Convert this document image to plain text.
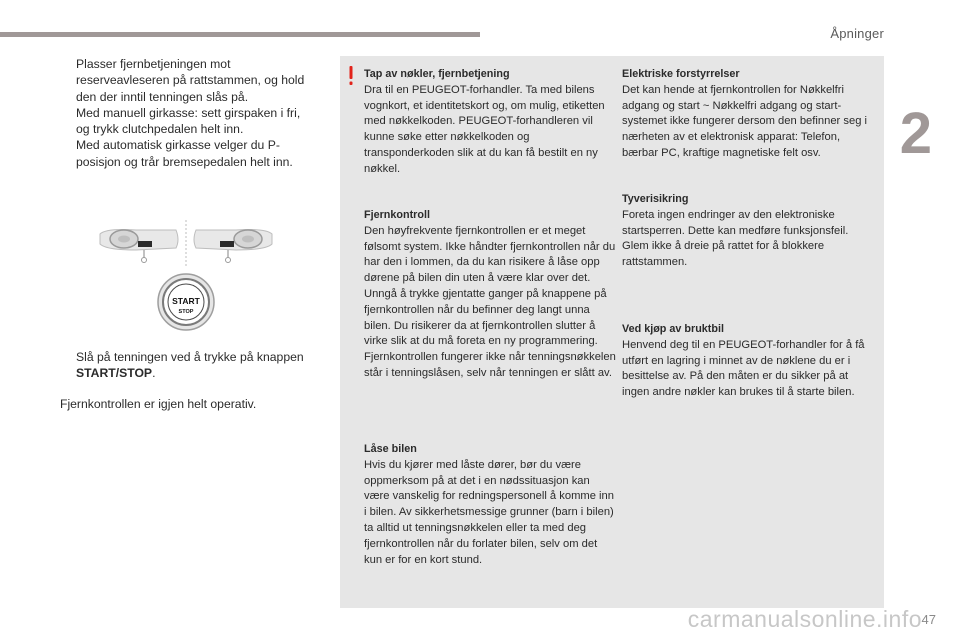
Åpninger
2
Plasser fjernbetjeningen mot reserveavleseren på rattstammen, og hold den der inntil tenningen slås på.
Med manuell girkasse: sett girspaken i fri, og trykk clutchpedalen helt inn.
Med automatisk girkasse velger du P-posisjon og trår bremsepedalen helt inn.
START
STOP
Slå på tenningen ved å trykke på knappen START/STOP.
Fjernkontrollen er igjen helt operativ.
Tap av nøkler, fjernbetjening

Dra til en PEUGEOT-forhandler. Ta med bilens vognkort, et identitetskort og, om mulig, etiketten med nøkkelkoden. PEUGEOT-forhandleren vil kunne søke etter nøkkelkoden og transponderkoden slik at du kan få bestilt en ny nøkkel.

Fjernkontroll

Den høyfrekvente fjernkontrollen er et meget følsomt system. Ikke håndter fjernkontrollen når du har den i lommen, da du kan risikere å låse opp dørene på bilen din uten å være klar over det. Unngå å trykke gjentatte ganger på knappene på fjernkontrollen når du befinner deg langt unna bilen. Du risikerer da at fjernkontrollen slutter å virke slik at du må foreta en ny programmering. Fjernkontrollen fungerer ikke når tenningsnøkkelen står i tenningslåsen, selv når tenningen er slått av.

Låse bilen

Hvis du kjører med låste dører, bør du være oppmerksom på at det i en nødssituasjon kan være vanskelig for redningspersonell å komme inn i bilen. Av sikkerhetsmessige grunner (barn i bilen) ta alltid ut tenningsnøkkelen eller ta med deg fjernkontrollen når du forlater bilen, selv om det kun er for en kort stund.

Elektriske forstyrrelser

Det kan hende at fjernkontrollen for Nøkkelfri adgang og start ~ Nøkkelfri adgang og start-systemet ikke fungerer dersom den befinner seg i nærheten av et elektronisk apparat: Telefon, bærbar PC, kraftige magnetiske felt osv.

Tyverisikring

Foreta ingen endringer av den elektroniske startsperren. Dette kan medføre funksjonsfeil. Glem ikke å dreie på rattet for å blokkere rattstammen.

Ved kjøp av bruktbil

Henvend deg til en PEUGEOT-forhandler for å få utført en lagring i minnet av de nøklene du er i besittelse av. På den måten er du sikker på at ingen andre nøkler kan brukes til å starte bilen.

47
carmanualsonline.info
